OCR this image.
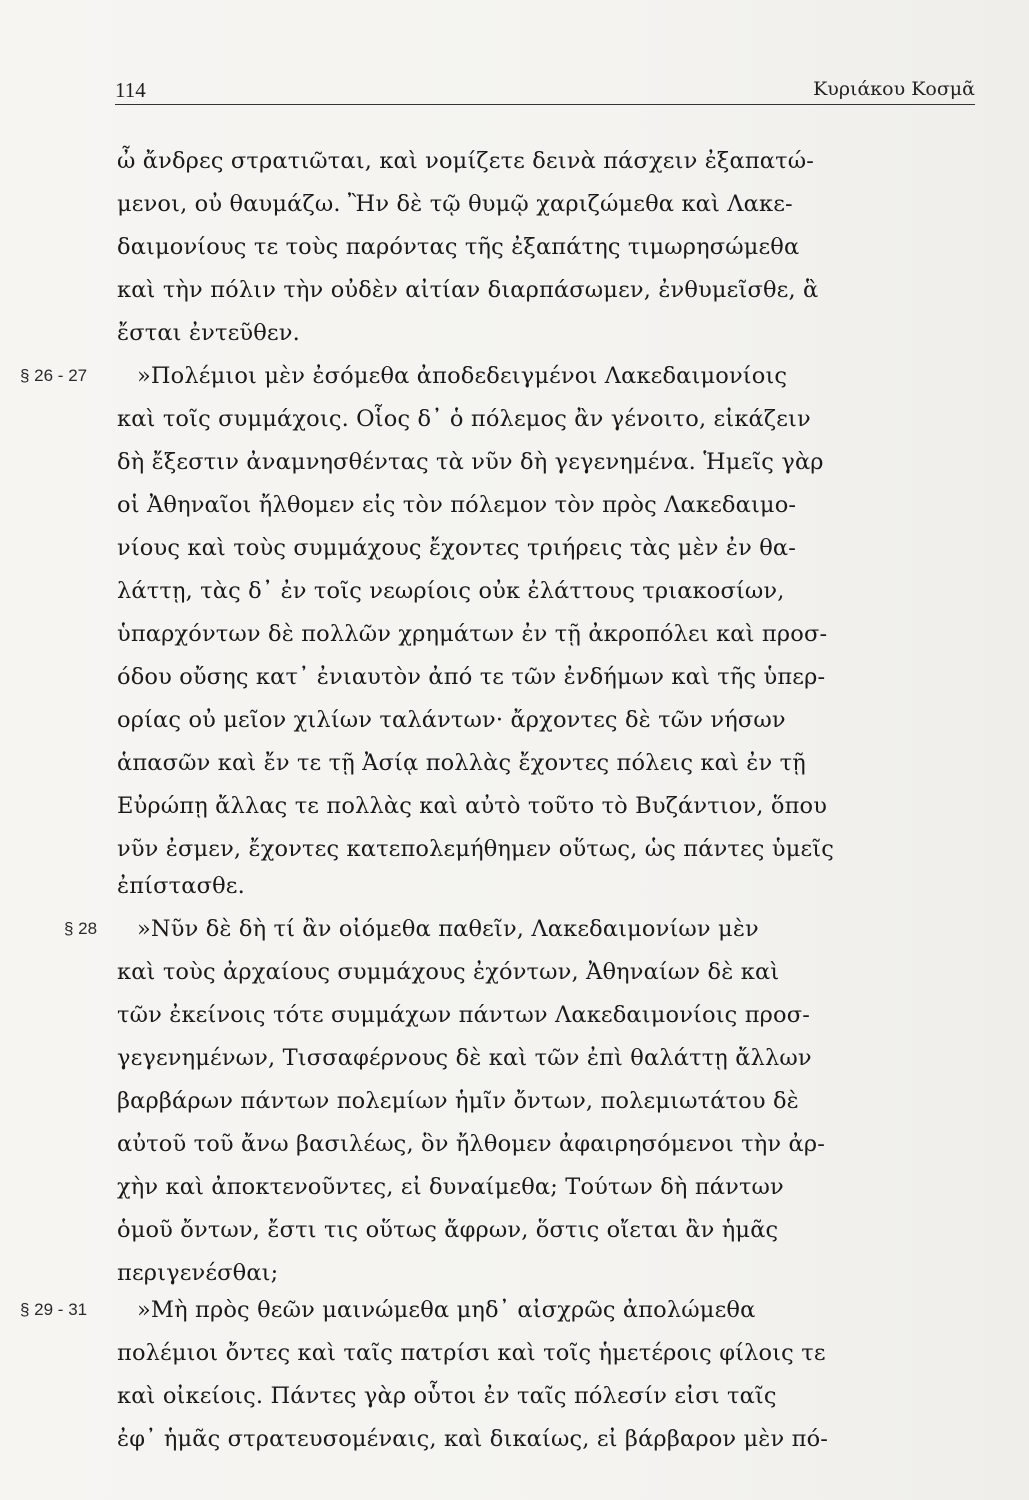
114	Κυριάκου Κοσμᾶ
ὦ ἄνδρες στρατιῶται, καὶ νομίζετε δεινὰ πάσχειν ἐξαπατώ-
μενοι, οὐ θαυμάζω. Ἢν δὲ τῷ θυμῷ χαριζώμεθα καὶ Λακε-
δαιμονίους τε τοὺς παρόντας τῆς ἐξαπάτης τιμωρησώμεθα
καὶ τὴν πόλιν τὴν οὐδὲν αἰτίαν διαρπάσωμεν, ἐνθυμεῖσθε, ἃ
ἔσται ἐντεῦθεν.
§ 26 - 27 »Πολέμιοι μὲν ἐσόμεθα ἀποδεδειγμένοι Λακεδαιμονίοις
καὶ τοῖς συμμάχοις. Οἷος δ᾽ ὁ πόλεμος ἂν γένοιτο, εἰκάζειν
δὴ ἔξεστιν ἀναμνησθέντας τὰ νῦν δὴ γεγενημένα. Ἡμεῖς γὰρ
οἱ Ἀθηναῖοι ἤλθομεν εἰς τὸν πόλεμον τὸν πρὸς Λακεδαιμο-
νίους καὶ τοὺς συμμάχους ἔχοντες τριήρεις τὰς μὲν ἐν θα-
λάττῃ, τὰς δ᾽ ἐν τοῖς νεωρίοις οὐκ ἐλάττους τριακοσίων,
ὑπαρχόντων δὲ πολλῶν χρημάτων ἐν τῇ ἀκροπόλει καὶ προσ-
όδου οὔσης κατ᾽ ἐνιαυτὸν ἀπό τε τῶν ἐνδήμων καὶ τῆς ὑπερ-
ορίας οὐ μεῖον χιλίων ταλάντων· ἄρχοντες δὲ τῶν νήσων
ἁπασῶν καὶ ἔν τε τῇ Ἀσίᾳ πολλὰς ἔχοντες πόλεις καὶ ἐν τῇ
Εὐρώπῃ ἄλλας τε πολλὰς καὶ αὐτὸ τοῦτο τὸ Βυζάντιον, ὅπου
νῦν ἐσμεν, ἔχοντες κατεπολεμήθημεν οὕτως, ὡς πάντες ὑμεῖς
ἐπίστασθε.
§ 28 »Νῦν δὲ δὴ τί ἂν οἰόμεθα παθεῖν, Λακεδαιμονίων μὲν
καὶ τοὺς ἀρχαίους συμμάχους ἐχόντων, Ἀθηναίων δὲ καὶ
τῶν ἐκείνοις τότε συμμάχων πάντων Λακεδαιμονίοις προσ-
γεγενημένων, Τισσαφέρνους δὲ καὶ τῶν ἐπὶ θαλάττῃ ἄλλων
βαρβάρων πάντων πολεμίων ἡμῖν ὄντων, πολεμιωτάτου δὲ
αὐτοῦ τοῦ ἄνω βασιλέως, ὃν ἤλθομεν ἀφαιρησόμενοι τὴν ἀρ-
χὴν καὶ ἀποκτενοῦντες, εἰ δυναίμεθα; Τούτων δὴ πάντων
ὁμοῦ ὄντων, ἔστι τις οὕτως ἄφρων, ὅστις οἴεται ἂν ἡμᾶς
περιγενέσθαι;
§ 29 - 31 »Μὴ πρὸς θεῶν μαινώμεθα μηδ᾽ αἰσχρῶς ἀπολώμεθα
πολέμιοι ὄντες καὶ ταῖς πατρίσι καὶ τοῖς ἡμετέροις φίλοις τε
καὶ οἰκείοις. Πάντες γὰρ οὗτοι ἐν ταῖς πόλεσίν εἰσι ταῖς
ἐφ᾽ ἡμᾶς στρατευσομέναις, καὶ δικαίως, εἰ βάρβαρον μὲν πό-
